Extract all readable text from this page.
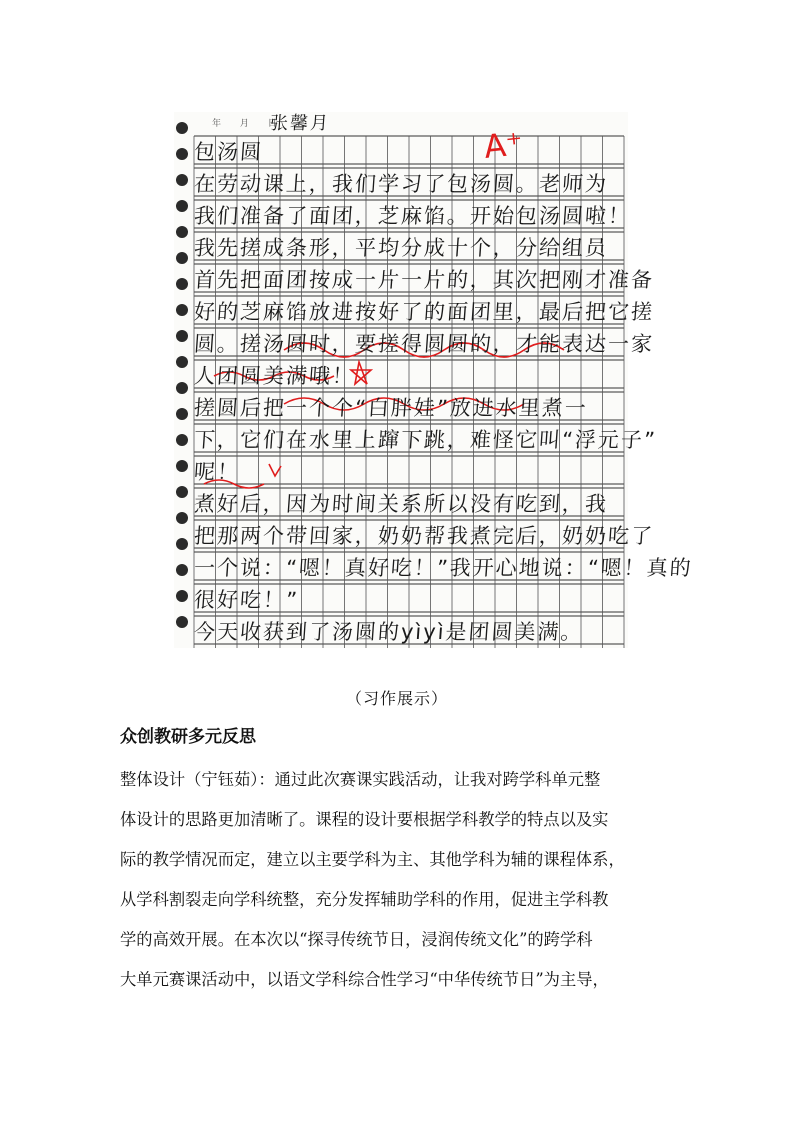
年 月 日
张馨月
A⁺
包汤圆
在劳动课上，我们学习了包汤圆。老师为
我们准备了面团，芝麻馅。开始包汤圆啦！
我先搓成条形，平均分成十个，分给组员
首先把面团按成一片一片的，其次把刚才准备
好的芝麻馅放进按好了的面团里，最后把它搓
圆。搓汤圆时，要搓得圆圆的，才能表达一家
人团圆美满哦！
搓圆后把一个个“白胖娃”放进水里煮一
下，它们在水里上蹿下跳，难怪它叫“浮元子”
呢！
煮好后，因为时间关系所以没有吃到，我
把那两个带回家，奶奶帮我煮完后，奶奶吃了
一个说：“嗯！真好吃！”我开心地说：“嗯！真的
很好吃！”
今天收获到了汤圆的yìyì是团圆美满。
（习作展示）
众创教研多元反思

整体设计（宁钰茹）：通过此次赛课实践活动，让我对跨学科单元整
体设计的思路更加清晰了。课程的设计要根据学科教学的特点以及实
际的教学情况而定，建立以主要学科为主、其他学科为辅的课程体系，
从学科割裂走向学科统整，充分发挥辅助学科的作用，促进主学科教
学的高效开展。在本次以“探寻传统节日，浸润传统文化”的跨学科
大单元赛课活动中，以语文学科综合性学习“中华传统节日”为主导，
